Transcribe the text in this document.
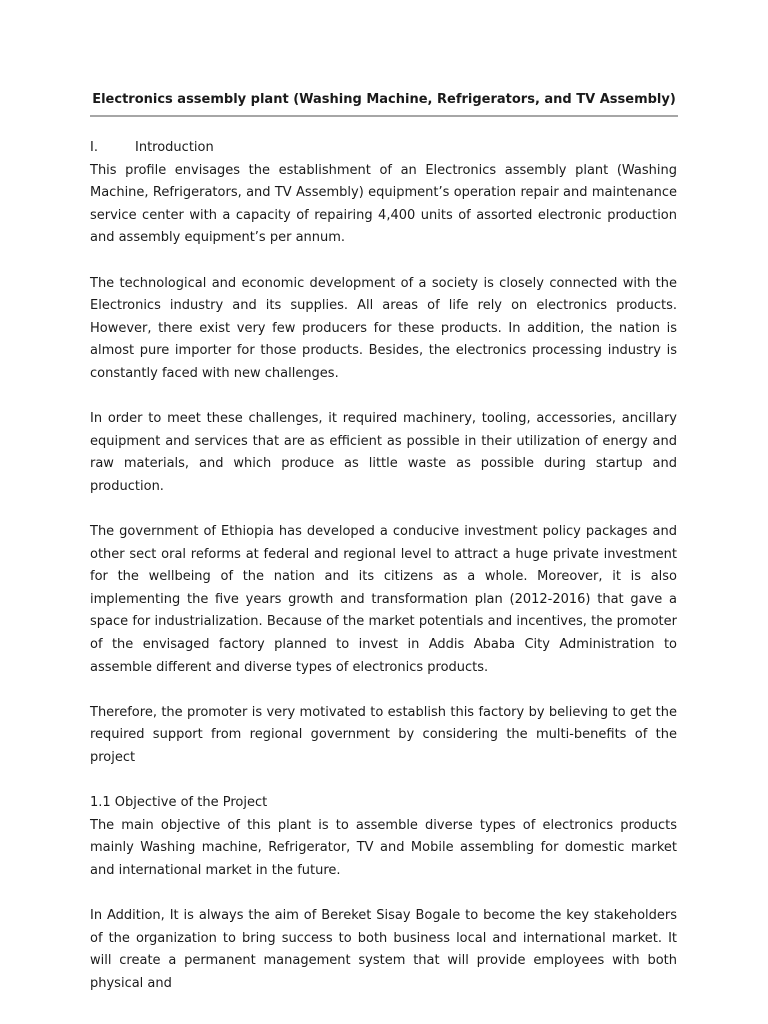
Electronics assembly plant (Washing Machine, Refrigerators, and TV Assembly)

I.	Introduction

This profile envisages the establishment of an Electronics assembly plant (Washing Machine, Refrigerators, and TV Assembly) equipment’s operation repair and maintenance service center with a capacity of repairing 4,400 units of assorted electronic production and assembly equipment’s per annum.

The technological and economic development of a society is closely connected with the Electronics industry and its supplies. All areas of life rely on electronics products. However, there exist very few producers for these products. In addition, the nation is almost pure importer for those products. Besides, the electronics processing industry is constantly faced with new challenges.

In order to meet these challenges, it required machinery, tooling, accessories, ancillary equipment and services that are as efficient as possible in their utilization of energy and raw materials, and which produce as little waste as possible during startup and production.

The government of Ethiopia has developed a conducive investment policy packages and other sect oral reforms at federal and regional level to attract a huge private investment for the wellbeing of the nation and its citizens as a whole. Moreover, it is also implementing the five years growth and transformation plan (2012-2016) that gave a space for industrialization. Because of the market potentials and incentives, the promoter of the envisaged factory planned to invest in Addis Ababa City Administration to assemble different and diverse types of electronics products.

Therefore, the promoter is very motivated to establish this factory by believing to get the required support from regional government by considering the multi-benefits of the project

1.1 Objective of the Project

The main objective of this plant is to assemble diverse types of electronics products mainly Washing machine, Refrigerator, TV and Mobile assembling for domestic market and international market in the future.

In Addition, It is always the aim of Bereket Sisay Bogale to become the key stakeholders of the organization to bring success to both business local and international market. It will create a permanent management system that will provide employees with both physical and
